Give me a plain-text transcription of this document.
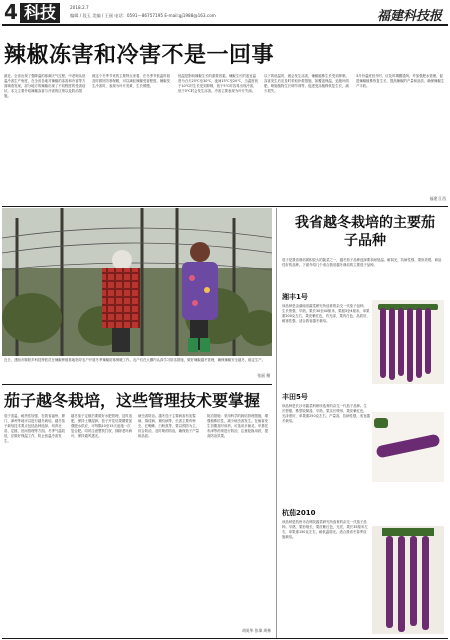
4 科技	2018.2.7
编辑 / 段玉 美编 / 王丽 电话：0591—86757195 E-mail:gj1988@163.com	福建科技报
辣椒冻害和冷害不是一回事
最近，全省出现了强降温的寒潮天气过程，中老师从低温冷害生产角度，在全省各地对辣椒的冻害和冷害等方面调查发现，部分地方的辣椒出现了不同程度的受害症状。本文主要介绍辣椒冻害与冷害的区别以及防治措施。
就这个冬季节来的主要特点来看，在冬季节低温时段及时做好防寒保暖，可以减轻辣椒受害程度。辣椒发生冷害时，表现为叶片发黄、生长缓慢。
低温是影响辣椒生长的重要因素。辣椒生长的适宜温度为白天25℃至30℃，夜间15℃至20℃，当温度低于10℃时生长受到抑制，低于5℃时容易出现冷害，低于0℃时会发生冻害。冷害主要表现为叶片失绿。
以下的低温时，就会发生冻害，辣椒植株生长受到抑制。冻害发生后应及时采取补救措施，如覆盖保温、追施叶面肥、喷施植物生长调节剂等，促进受冻植株恢复生长，减少损失。
3月份温度回升时，应及时揭膜通风，并加强肥水管理，促进辣椒植株恢复生长，提高辣椒的产量和品质，确保辣椒生产丰收。
福建 江西
近日，建瓯市顺阳乡科技特派员在辣椒种植基地指导农户开展冬季辣椒防寒保暖工作。农户们在大棚内认真学习防冻措施，做好辣椒越冬管理，确保辣椒安全越冬，稳定生产。
张丽 摄
茄子越冬栽培，这些管理技术要掌握
茄子喜温，耐热性较强，在我省福州、厦门、漳州等地可以进行越冬栽培。越冬茄子栽培技术要点包括品种选择、培育壮苗、定植、田间管理等方面。冬季气温较低，应做好保温工作，防止低温冷害发生。
越冬茄子定植后要做好水肥管理，及时追肥，保持土壤湿润。茄子开花结果期要加强肥水供应，可每隔10至15天追施一次复合肥。同时注意整枝打杈，摘除老叶病叶，保持通风透光。
病虫害防治。越冬茄子主要病害有灰霉病、绵疫病、褐纹病等，虫害主要有蚜虫、红蜘蛛、白粉虱等，要以预防为主，综合防治，及时喷药防治，确保茄子产量和品质。
防治措施：采用科学的栽培管理措施，增强植株抗性，减少病虫害发生。在病害发生初期及时用药，可选用多菌灵、甲基托布津等药剂进行防治，注意轮换用药，提高防治效果。
胡英华 张璋 周林
我省越冬栽培的主要茄子品种
茄子是我省栽培面积较大的蔬菜之一，越冬茄子品种选择要求耐低温、耐弱光、抗病性强、果形美观、商品性好的品种。下面介绍几个适合我省越冬栽培的主要茄子品种。
湘丰1号
该品种是由湖南省蔬菜研究所选育的杂交一代茄子品种。生长势强，早熟，果长30至40厘米，果粗3至4厘米，单果重200克左右，果皮紫红色，有光泽，果肉白色，品质好，耐寒性强，适合我省越冬栽培。
丰田5号
该品种是长沙市蔬菜科研所选育的杂交一代茄子品种。生长势强，株型较紧凑，早熟，果实长棒形，果皮紫红色，光泽度好，单果重250克左右，产量高，抗病性强，适宜越冬栽培。
杭茄2010
该品种是杭州市农科院蔬菜研究所选育的杂交一代茄子品种。早熟，果形细长，果皮紫红色，光亮，果长35厘米左右，单果重150克左右，耐低温弱光，适合我省冬春季设施栽培。
